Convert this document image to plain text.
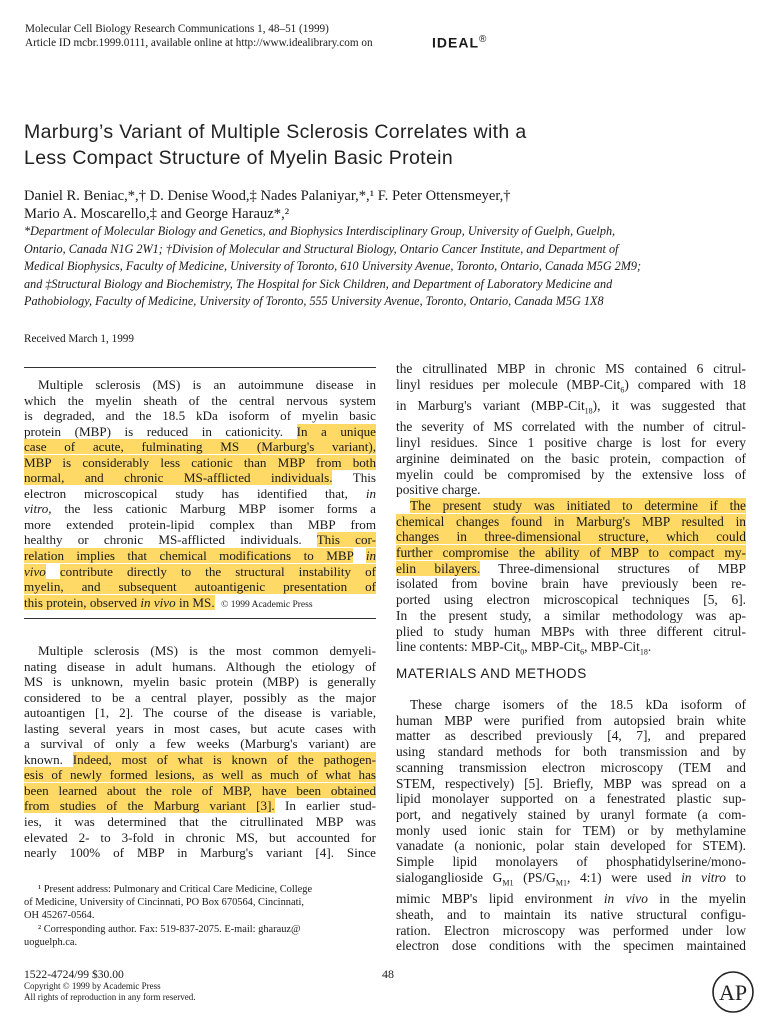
Molecular Cell Biology Research Communications 1, 48–51 (1999)
Article ID mcbr.1999.0111, available online at http://www.idealibrary.com on	IDEAL®
Marburg’s Variant of Multiple Sclerosis Correlates with a
Less Compact Structure of Myelin Basic Protein
Daniel R. Beniac,*,† D. Denise Wood,‡ Nades Palaniyar,*,¹ F. Peter Ottensmeyer,†
Mario A. Moscarello,‡ and George Harauz*,²
*Department of Molecular Biology and Genetics, and Biophysics Interdisciplinary Group, University of Guelph, Guelph,
Ontario, Canada N1G 2W1; †Division of Molecular and Structural Biology, Ontario Cancer Institute, and Department of
Medical Biophysics, Faculty of Medicine, University of Toronto, 610 University Avenue, Toronto, Ontario, Canada M5G 2M9;
and ‡Structural Biology and Biochemistry, The Hospital for Sick Children, and Department of Laboratory Medicine and
Pathobiology, Faculty of Medicine, University of Toronto, 555 University Avenue, Toronto, Ontario, Canada M5G 1X8
Received March 1, 1999
Multiple sclerosis (MS) is an autoimmune disease in
which the myelin sheath of the central nervous system
is degraded, and the 18.5 kDa isoform of myelin basic
protein (MBP) is reduced in cationicity. In a unique
case of acute, fulminating MS (Marburg's variant),
MBP is considerably less cationic than MBP from both
normal, and chronic MS-afflicted individuals. This
electron microscopical study has identified that, in
vitro, the less cationic Marburg MBP isomer forms a
more extended protein-lipid complex than MBP from
healthy or chronic MS-afflicted individuals. This cor-
relation implies that chemical modifications to MBP in
vivo contribute directly to the structural instability of
myelin, and subsequent autoantigenic presentation of
this protein, observed in vivo in MS. © 1999 Academic Press
Multiple sclerosis (MS) is the most common demyeli-
nating disease in adult humans. Although the etiology of
MS is unknown, myelin basic protein (MBP) is generally
considered to be a central player, possibly as the major
autoantigen [1, 2]. The course of the disease is variable,
lasting several years in most cases, but acute cases with
a survival of only a few weeks (Marburg's variant) are
known. Indeed, most of what is known of the pathogen-
esis of newly formed lesions, as well as much of what has
been learned about the role of MBP, have been obtained
from studies of the Marburg variant [3]. In earlier stud-
ies, it was determined that the citrullinated MBP was
elevated 2- to 3-fold in chronic MS, but accounted for
nearly 100% of MBP in Marburg's variant [4]. Since
¹ Present address: Pulmonary and Critical Care Medicine, College
of Medicine, University of Cincinnati, PO Box 670564, Cincinnati,
OH 45267-0564.
² Corresponding author. Fax: 519-837-2075. E-mail: gharauz@
uoguelph.ca.
the citrullinated MBP in chronic MS contained 6 citrul-
linyl residues per molecule (MBP-Cit$_6$) compared with 18
in Marburg's variant (MBP-Cit$_{18}$), it was suggested that
the severity of MS correlated with the number of citrul-
linyl residues. Since 1 positive charge is lost for every
arginine deiminated on the basic protein, compaction of
myelin could be compromised by the extensive loss of
positive charge.
The present study was initiated to determine if the
chemical changes found in Marburg's MBP resulted in
changes in three-dimensional structure, which could
further compromise the ability of MBP to compact my-
elin bilayers. Three-dimensional structures of MBP
isolated from bovine brain have previously been re-
ported using electron microscopical techniques [5, 6].
In the present study, a similar methodology was ap-
plied to study human MBPs with three different citrul-
line contents: MBP-Cit$_0$, MBP-Cit$_6$, MBP-Cit$_{18}$.
MATERIALS AND METHODS
These charge isomers of the 18.5 kDa isoform of
human MBP were purified from autopsied brain white
matter as described previously [4, 7], and prepared
using standard methods for both transmission and by
scanning transmission electron microscopy (TEM and
STEM, respectively) [5]. Briefly, MBP was spread on a
lipid monolayer supported on a fenestrated plastic sup-
port, and negatively stained by uranyl formate (a com-
monly used ionic stain for TEM) or by methylamine
vanadate (a nonionic, polar stain developed for STEM).
Simple lipid monolayers of phosphatidylserine/mono-
sialoganglioside $G_{M1}$ ($PS/G_{M1}$, 4:1) were used in vitro to
mimic MBP's lipid environment in vivo in the myelin
sheath, and to maintain its native structural configu-
ration. Electron microscopy was performed under low
electron dose conditions with the specimen maintained
1522-4724/99 $30.00
Copyright © 1999 by Academic Press
All rights of reproduction in any form reserved.
48
AP
